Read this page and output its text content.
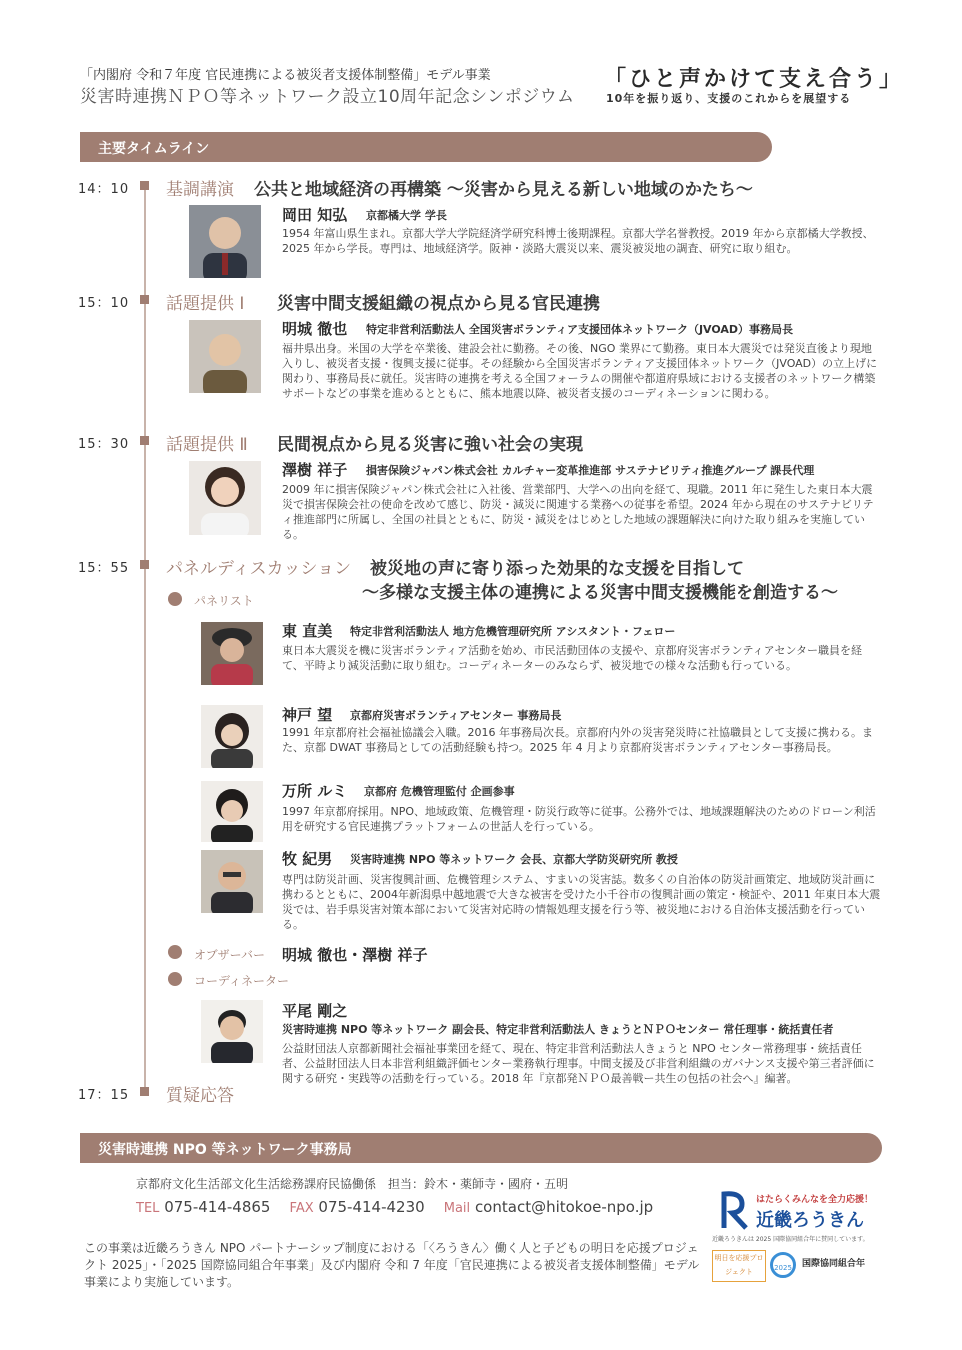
「内閣府 令和７年度 官民連携による被災者支援体制整備」モデル事業
災害時連携ＮＰＯ等ネットワーク設立10周年記念シンポジウム
「ひと声かけて支え合う」
10年を振り返り、支援のこれからを展望する
主要タイムライン
14：10 基調講演 公共と地域経済の再構築 〜災害から見える新しい地域のかたち〜
岡田 知弘 京都橘大学 学長
1954 年富山県生まれ。京都大学大学院経済学研究科博士後期課程。京都大学名誉教授。2019 年から京都橘大学教授、2025 年から学長。専門は、地域経済学。阪神・淡路大震災以来、震災被災地の調査、研究に取り組む。
15：10 話題提供 Ⅰ 災害中間支援組織の視点から見る官民連携
明城 徹也 特定非営利活動法人 全国災害ボランティア支援団体ネットワーク（JVOAD）事務局長
福井県出身。米国の大学を卒業後、建設会社に勤務。その後、NGO 業界にて勤務。東日本大震災では発災直後より現地入りし、被災者支援・復興支援に従事。その経験から全国災害ボランティア支援団体ネットワーク（JVOAD）の立上げに関わり、事務局長に就任。災害時の連携を考える全国フォーラムの開催や都道府県域における支援者のネットワーク構築サポートなどの事業を進めるとともに、熊本地震以降、被災者支援のコーディネーションに関わる。
15：30 話題提供 Ⅱ 民間視点から見る災害に強い社会の実現
澤樹 祥子 損害保険ジャパン株式会社 カルチャー変革推進部 サステナビリティ推進グループ 課長代理
2009 年に損害保険ジャパン株式会社に入社後、営業部門、大学への出向を経て、現職。2011 年に発生した東日本大震災で損害保険会社の使命を改めて感じ、防災・減災に関連する業務への従事を希望。2024 年から現在のサステナビリティ推進部門に所属し、全国の社員とともに、防災・減災をはじめとした地域の課題解決に向けた取り組みを実施している。
15：55 パネルディスカッション 被災地の声に寄り添った効果的な支援を目指して
〜多様な支援主体の連携による災害中間支援機能を創造する〜
パネリスト
東 直美 特定非営利活動法人 地方危機管理研究所 アシスタント・フェロー
東日本大震災を機に災害ボランティア活動を始め、市民活動団体の支援や、京都府災害ボランティアセンター職員を経て、平時より減災活動に取り組む。コーディネーターのみならず、被災地での様々な活動も行っている。
神戸 望 京都府災害ボランティアセンター 事務局長
1991 年京都府社会福祉協議会入職。2016 年事務局次長。京都府内外の災害発災時に社協職員として支援に携わる。また、京都 DWAT 事務局としての活動経験も持つ。2025 年 4 月より京都府災害ボランティアセンター事務局長。
万所 ルミ 京都府 危機管理監付 企画参事
1997 年京都府採用。NPO、地域政策、危機管理・防災行政等に従事。公務外では、地域課題解決のためのドローン利活用を研究する官民連携プラットフォームの世話人を行っている。
牧 紀男 災害時連携 NPO 等ネットワーク 会長、京都大学防災研究所 教授
専門は防災計画、災害復興計画、危機管理システム、すまいの災害誌。数多くの自治体の防災計画策定、地域防災計画に携わるとともに、2004年新潟県中越地震で大きな被害を受けた小千谷市の復興計画の策定・検証や、2011 年東日本大震災では、岩手県災害対策本部において災害対応時の情報処理支援を行う等、被災地における自治体支援活動を行っている。
オブザーバー 明城 徹也・澤樹 祥子
コーディネーター
平尾 剛之
災害時連携 NPO 等ネットワーク 副会長、特定非営利活動法人 きょうとＮＰＯセンター 常任理事・統括責任者
公益財団法人京都新聞社会福祉事業団を経て、現在、特定非営利活動法人きょうと NPO センター常務理事・統括責任者、公益財団法人日本非営利組織評価センター業務執行理事。中間支援及び非営利組織のガバナンス支援や第三者評価に関する研究・実践等の活動を行っている。2018 年『京都発ＮＰＯ最善戦ー共生の包括の社会へ』編著。
17：15 質疑応答
災害時連携 NPO 等ネットワーク事務局
京都府文化生活部文化生活総務課府民協働係　担当：鈴木・薬師寺・國府・五明
TEL 075-414-4865 FAX 075-414-4230 Mail contact@hitokoe-npo.jp
この事業は近畿ろうきん NPO パートナーシップ制度における「〈ろうきん〉働く人と子どもの明日を応援プロジェクト 2025」・「2025 国際協同組合年事業」及び内閣府 令和 7 年度「官民連携による被災者支援体制整備」モデル事業により実施しています。
はたらくみんなを全力応援！
近畿ろうきん
近畿ろうきんは 2025 国際協同組合年に賛同しています。
明日を応援プロジェクト	2025	国際協同組合年
